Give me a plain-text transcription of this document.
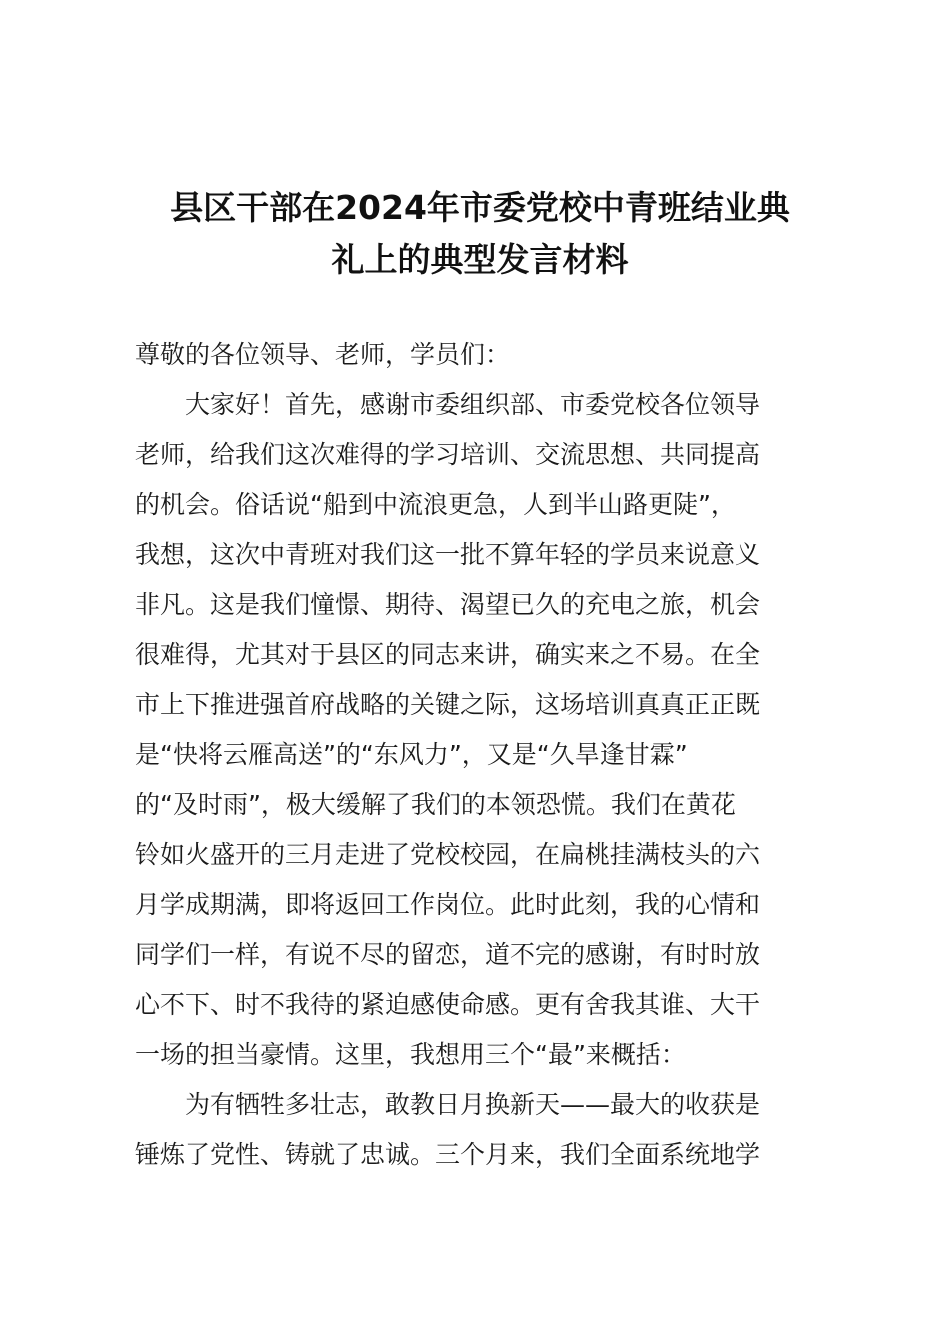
县区干部在2024年市委党校中青班结业典
礼上的典型发言材料
尊敬的各位领导、老师，学员们：
大家好！首先，感谢市委组织部、市委党校各位领导
老师，给我们这次难得的学习培训、交流思想、共同提高
的机会。俗话说“船到中流浪更急，人到半山路更陡”，
我想，这次中青班对我们这一批不算年轻的学员来说意义
非凡。这是我们憧憬、期待、渴望已久的充电之旅，机会
很难得，尤其对于县区的同志来讲，确实来之不易。在全
市上下推进强首府战略的关键之际，这场培训真真正正既
是“快将云雁高送”的“东风力”，又是“久旱逢甘霖”
的“及时雨”，极大缓解了我们的本领恐慌。我们在黄花
铃如火盛开的三月走进了党校校园，在扁桃挂满枝头的六
月学成期满，即将返回工作岗位。此时此刻，我的心情和
同学们一样，有说不尽的留恋，道不完的感谢，有时时放
心不下、时不我待的紧迫感使命感。更有舍我其谁、大干
一场的担当豪情。这里，我想用三个“最”来概括：
为有牺牲多壮志，敢教日月换新天——最大的收获是
锤炼了党性、铸就了忠诚。三个月来，我们全面系统地学
